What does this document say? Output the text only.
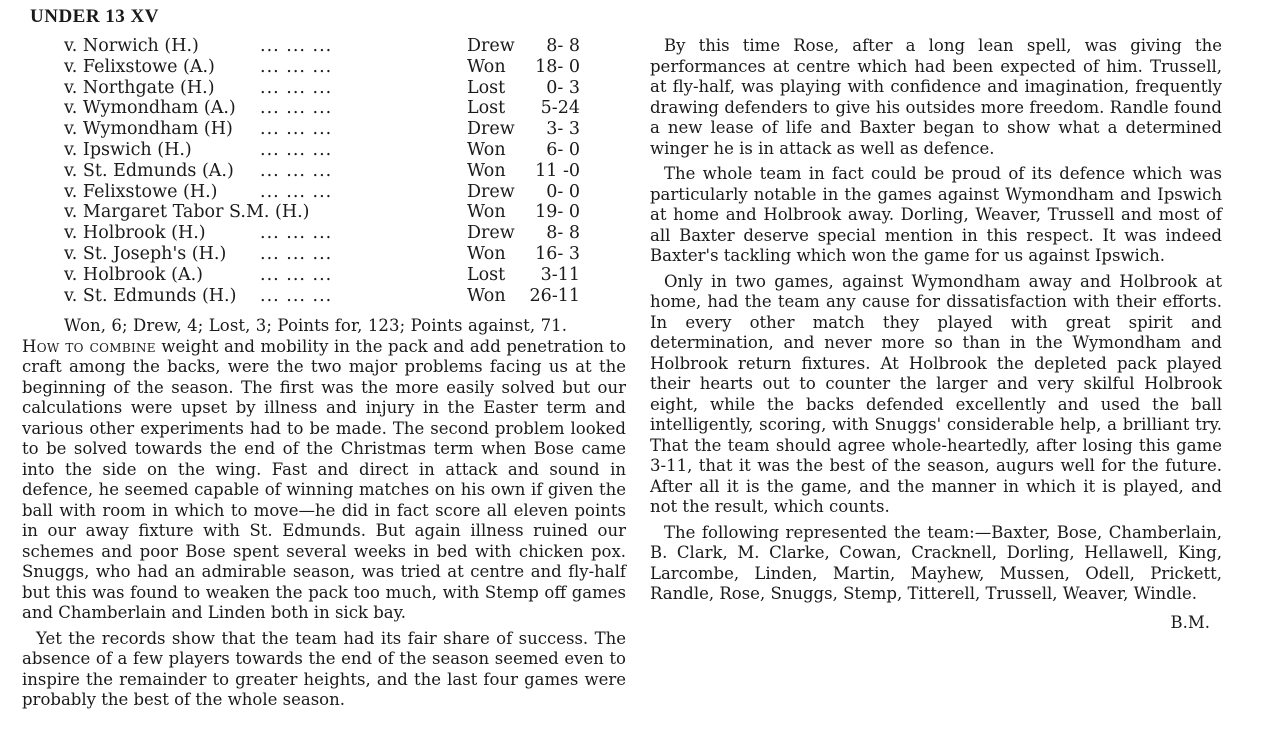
UNDER 13 XV
v. Norwich (H.)	... ... ...	Drew	8- 8
v. Felixstowe (A.)	... ... ...	Won	18- 0
v. Northgate (H.)	... ... ...	Lost	0- 3
v. Wymondham (A.) ... ... ...	Lost	5-24
v. Wymondham (H) ... ... ...	Drew	3- 3
v. Ipswich (H.)	... ... ...	Won	6- 0
v. St. Edmunds (A.) ... ... ...	Won	11 -0
v. Felixstowe (H.) ... ... ...	Drew	0- 0
v. Margaret Tabor S.M. (H.)	Won	19- 0
v. Holbrook (H.)	... ... ...	Drew	8- 8
v. St. Joseph's (H.) ... ... ...	Won	16- 3
v. Holbrook (A.)	... ... ...	Lost	3-11
v. St. Edmunds (H.) ... ... ...	Won	26-11

Won, 6; Drew, 4; Lost, 3; Points for, 123; Points against, 71.

How to combine weight and mobility in the pack and add penetration to craft among the backs, were the two major problems facing us at the beginning of the season. The first was the more easily solved but our calculations were upset by illness and injury in the Easter term and various other experiments had to be made. The second problem looked to be solved towards the end of the Christmas term when Bose came into the side on the wing. Fast and direct in attack and sound in defence, he seemed capable of winning matches on his own if given the ball with room in which to move—he did in fact score all eleven points in our away fixture with St. Edmunds. But again illness ruined our schemes and poor Bose spent several weeks in bed with chicken pox. Snuggs, who had an admirable season, was tried at centre and fly-half but this was found to weaken the pack too much, with Stemp off games and Chamberlain and Linden both in sick bay.

Yet the records show that the team had its fair share of success. The absence of a few players towards the end of the season seemed even to inspire the remainder to greater heights, and the last four games were probably the best of the whole season.

By this time Rose, after a long lean spell, was giving the performances at centre which had been expected of him. Trussell, at fly-half, was playing with confidence and imagination, frequently drawing defenders to give his outsides more freedom. Randle found a new lease of life and Baxter began to show what a determined winger he is in attack as well as defence.

The whole team in fact could be proud of its defence which was particularly notable in the games against Wymondham and Ipswich at home and Holbrook away. Dorling, Weaver, Trussell and most of all Baxter deserve special mention in this respect. It was indeed Baxter's tackling which won the game for us against Ipswich.

Only in two games, against Wymondham away and Holbrook at home, had the team any cause for dissatisfaction with their efforts. In every other match they played with great spirit and determination, and never more so than in the Wymondham and Holbrook return fixtures. At Holbrook the depleted pack played their hearts out to counter the larger and very skilful Holbrook eight, while the backs defended excellently and used the ball intelligently, scoring, with Snuggs' considerable help, a brilliant try. That the team should agree whole-heartedly, after losing this game 3-11, that it was the best of the season, augurs well for the future. After all it is the game, and the manner in which it is played, and not the result, which counts.

The following represented the team:—Baxter, Bose, Chamberlain, B. Clark, M. Clarke, Cowan, Cracknell, Dorling, Hellawell, King, Larcombe, Linden, Martin, Mayhew, Mussen, Odell, Prickett, Randle, Rose, Snuggs, Stemp, Titterell, Trussell, Weaver, Windle.

B.M.
